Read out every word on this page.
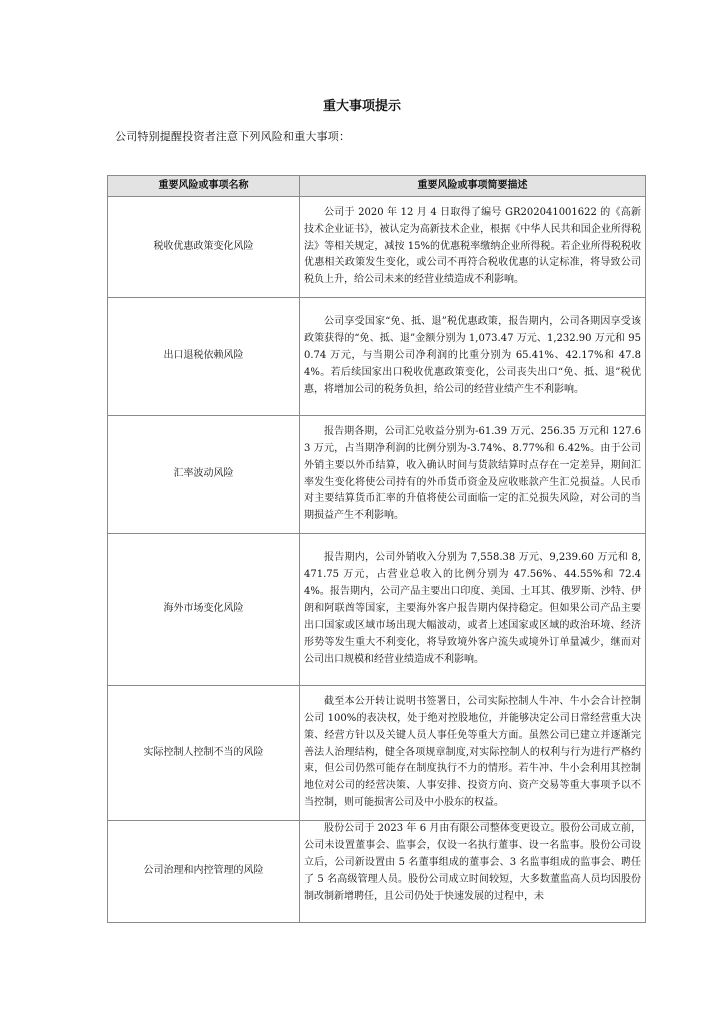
重大事项提示

公司特别提醒投资者注意下列风险和重大事项：

重要风险或事项名称	重要风险或事项简要描述
税收优惠政策变化风险	公司于 2020 年 12 月 4 日取得了编号 GR202041001622 的《高新技术企业证书》，被认定为高新技术企业，根据《中华人民共和国企业所得税法》等相关规定，减按 15%的优惠税率缴纳企业所得税。若企业所得税税收优惠相关政策发生变化，或公司不再符合税收优惠的认定标准，将导致公司税负上升，给公司未来的经营业绩造成不利影响。
出口退税依赖风险	公司享受国家“免、抵、退”税优惠政策，报告期内，公司各期因享受该政策获得的“免、抵、退”金额分别为 1,073.47 万元、1,232.90 万元和 950.74 万元，与当期公司净利润的比重分别为 65.41%、42.17%和 47.84%。若后续国家出口税收优惠政策变化，公司丧失出口“免、抵、退”税优惠，将增加公司的税务负担，给公司的经营业绩产生不利影响。
汇率波动风险	报告期各期，公司汇兑收益分别为-61.39 万元、256.35 万元和 127.63 万元，占当期净利润的比例分别为-3.74%、8.77%和 6.42%。由于公司外销主要以外币结算，收入确认时间与货款结算时点存在一定差异，期间汇率发生变化将使公司持有的外币货币资金及应收账款产生汇兑损益。人民币对主要结算货币汇率的升值将使公司面临一定的汇兑损失风险，对公司的当期损益产生不利影响。
海外市场变化风险	报告期内，公司外销收入分别为 7,558.38 万元、9,239.60 万元和 8,471.75 万元，占营业总收入的比例分别为 47.56%、44.55%和 72.44%。报告期内，公司产品主要出口印度、美国、土耳其、俄罗斯、沙特、伊朗和阿联酋等国家，主要海外客户报告期内保持稳定。但如果公司产品主要出口国家或区域市场出现大幅波动，或者上述国家或区域的政治环境、经济形势等发生重大不利变化，将导致境外客户流失或境外订单量减少，继而对公司出口规模和经营业绩造成不利影响。
实际控制人控制不当的风险	截至本公开转让说明书签署日，公司实际控制人牛冲、牛小会合计控制公司 100%的表决权，处于绝对控股地位，并能够决定公司日常经营重大决策、经营方针以及关键人员人事任免等重大方面。虽然公司已建立并逐渐完善法人治理结构，健全各项规章制度,对实际控制人的权利与行为进行严格约束，但公司仍然可能存在制度执行不力的情形。若牛冲、牛小会利用其控制地位对公司的经营决策、人事安排、投资方向、资产交易等重大事项予以不当控制，则可能损害公司及中小股东的权益。
公司治理和内控管理的风险	股份公司于 2023 年 6 月由有限公司整体变更设立。股份公司成立前，公司未设置董事会、监事会，仅设一名执行董事、设一名监事。股份公司设立后，公司新设置由 5 名董事组成的董事会、3 名监事组成的监事会、聘任了 5 名高级管理人员。股份公司成立时间较短，大多数董监高人员均因股份制改制新增聘任，且公司仍处于快速发展的过程中，未
